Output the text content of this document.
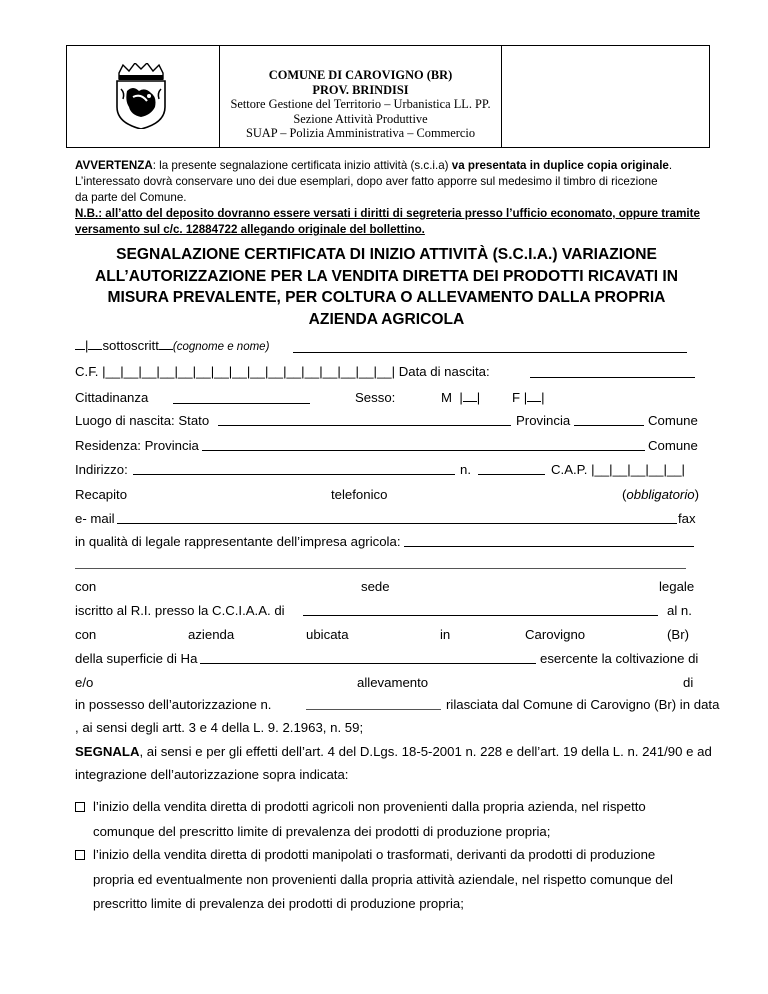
COMUNE DI CAROVIGNO (BR)
PROV. BRINDISI
Settore Gestione del Territorio – Urbanistica LL. PP.
Sezione Attività Produttive
SUAP – Polizia Amministrativa – Commercio
AVVERTENZA: la presente segnalazione certificata inizio attività (s.c.i.a) va presentata in duplice copia originale.
L’interessato dovrà conservare uno dei due esemplari, dopo aver fatto apporre sul medesimo il timbro di ricezione
da parte del Comune.
N.B.: all’atto del deposito dovranno essere versati i diritti di segreteria presso l’ufficio economato, oppure tramite
versamento sul c/c. 12884722 allegando originale del bollettino.
SEGNALAZIONE CERTIFICATA DI INIZIO ATTIVITÀ (S.C.I.A.) VARIAZIONE
ALL’AUTORIZZAZIONE PER LA VENDITA DIRETTA DEI PRODOTTI RICAVATI IN
MISURA PREVALENTE, PER COLTURA O ALLEVAMENTO DALLA PROPRIA
AZIENDA AGRICOLA
| sottoscritt (cognome e nome)
C.F. |__|__|__|__|__|__|__|__|__|__|__|__|__|__|__|__| Data di nascita:
Cittadinanza	Sesso:	M  | | F | |
Luogo di nascita: Stato	Provincia	Comune
Residenza: Provincia	Comune
Indirizzo:	n.	C.A.P. |__|__|__|__|__|
Recapito	telefonico	(obbligatorio)
e- mail	fax
in qualità di legale rappresentante dell’impresa agricola:
con	sede	legale
iscritto al R.I. presso la C.C.I.A.A. di	al n.
con	azienda	ubicata	in	Carovigno	(Br)
della superficie di Ha	esercente la coltivazione di
e/o	allevamento	di
in possesso dell’autorizzazione n.	rilasciata dal Comune di Carovigno (Br) in data
, ai sensi degli artt. 3 e 4 della L. 9. 2.1963, n. 59;
SEGNALA, ai sensi e per gli effetti dell’art. 4 del D.Lgs. 18-5-2001 n. 228 e dell’art. 19 della L. n. 241/90 e ad
integrazione dell’autorizzazione sopra indicata:
l’inizio della vendita diretta di prodotti agricoli non provenienti dalla propria azienda, nel rispetto
comunque del prescritto limite di prevalenza dei prodotti di produzione propria;
l’inizio della vendita diretta di prodotti manipolati o trasformati, derivanti da prodotti di produzione
propria ed eventualmente non provenienti dalla propria attività aziendale, nel rispetto comunque del
prescritto limite di prevalenza dei prodotti di produzione propria;
